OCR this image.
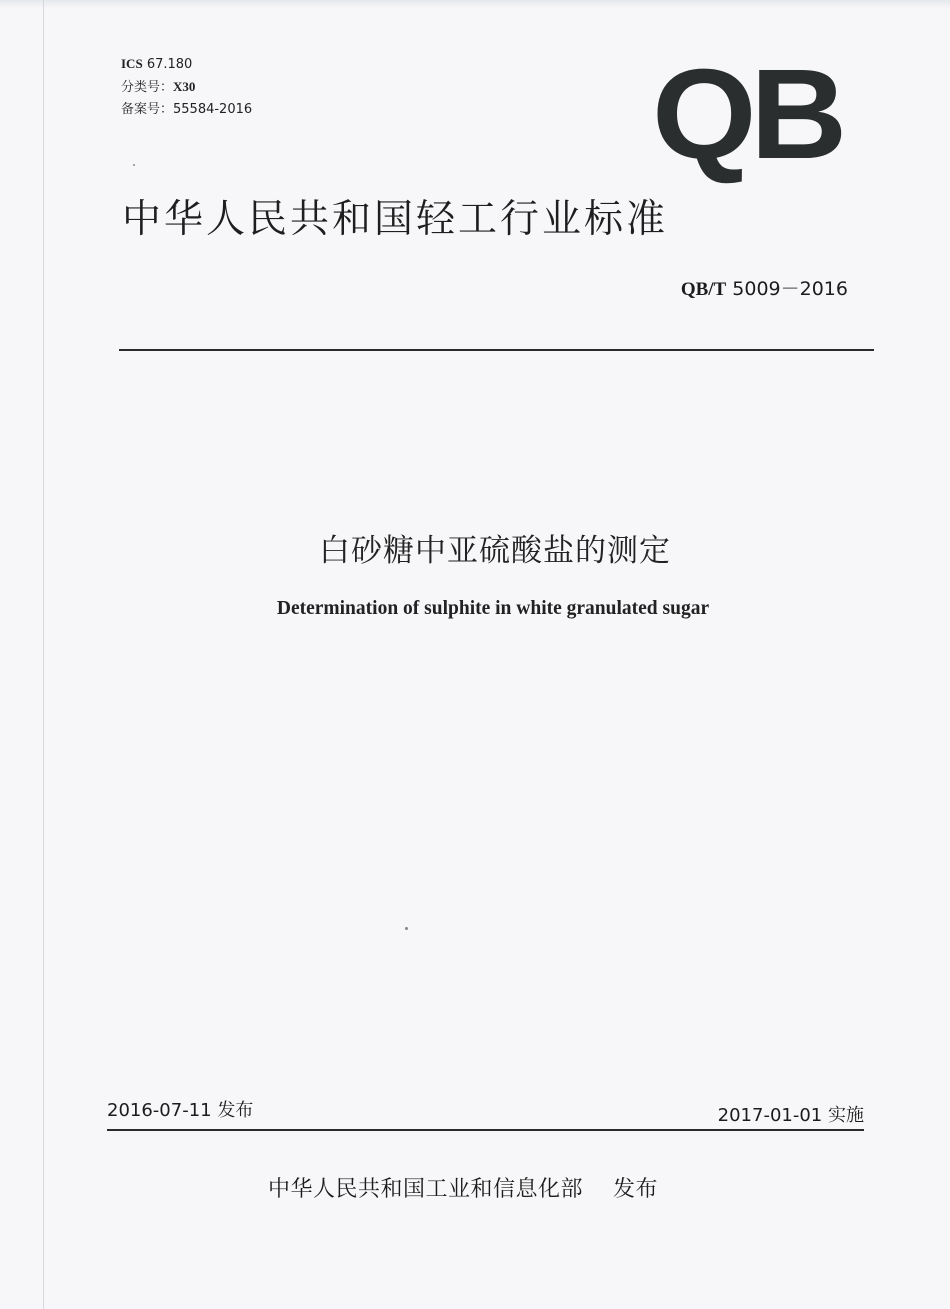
ICS 67.180
分类号：X30
备案号：55584-2016	QB
中华人民共和国轻工行业标准
QB/T 5009－2016
白砂糖中亚硫酸盐的测定
Determination of sulphite in white granulated sugar
2016-07-11 发布	2017-01-01 实施
中华人民共和国工业和信息化部 发布
